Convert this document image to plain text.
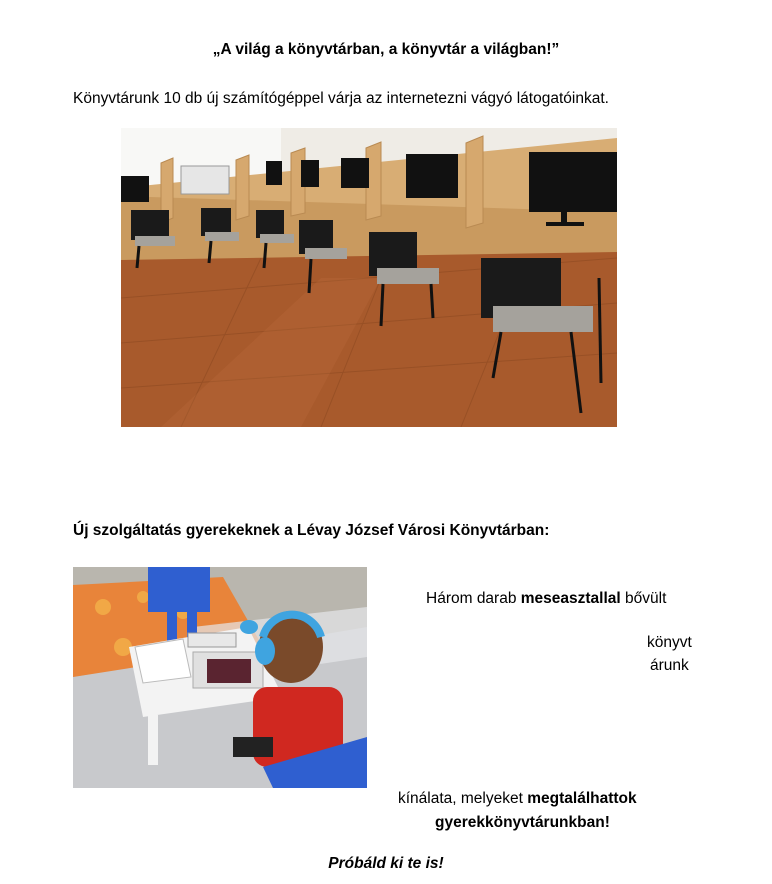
„A világ a könyvtárban, a könyvtár a világban!”
Könyvtárunk 10 db új számítógéppel várja az internetezni vágyó látogatóinkat.
Új szolgáltatás gyerekeknek a Lévay József Városi Könyvtárban:
Három darab meseasztallal bővült
könyvt
árunk
kínálata, melyeket megtalálhattok
gyerekkönyvtárunkban!
Próbáld ki te is!
